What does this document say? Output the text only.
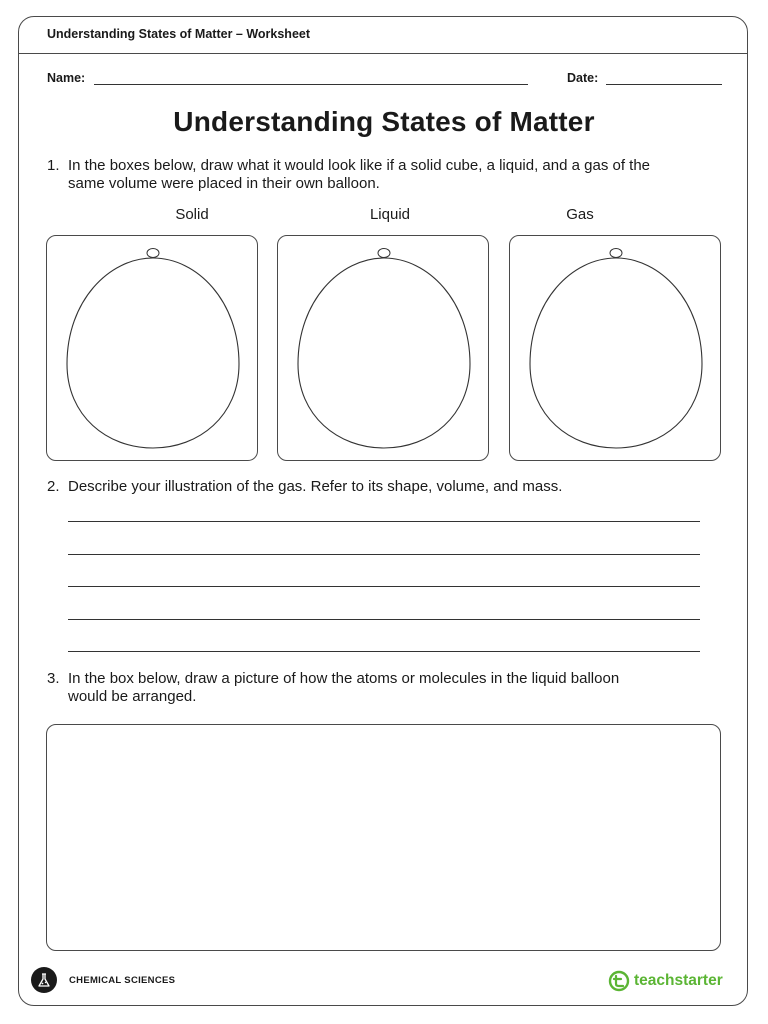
Understanding States of Matter – Worksheet
Name:	Date:
Understanding States of Matter
1. In the boxes below, draw what it would look like if a solid cube, a liquid, and a gas of the
same volume were placed in their own balloon.
Solid	Liquid	Gas
2. Describe your illustration of the gas. Refer to its shape, volume, and mass.
3. In the box below, draw a picture of how the atoms or molecules in the liquid balloon
would be arranged.
CHEMICAL SCIENCES	teachstarter
